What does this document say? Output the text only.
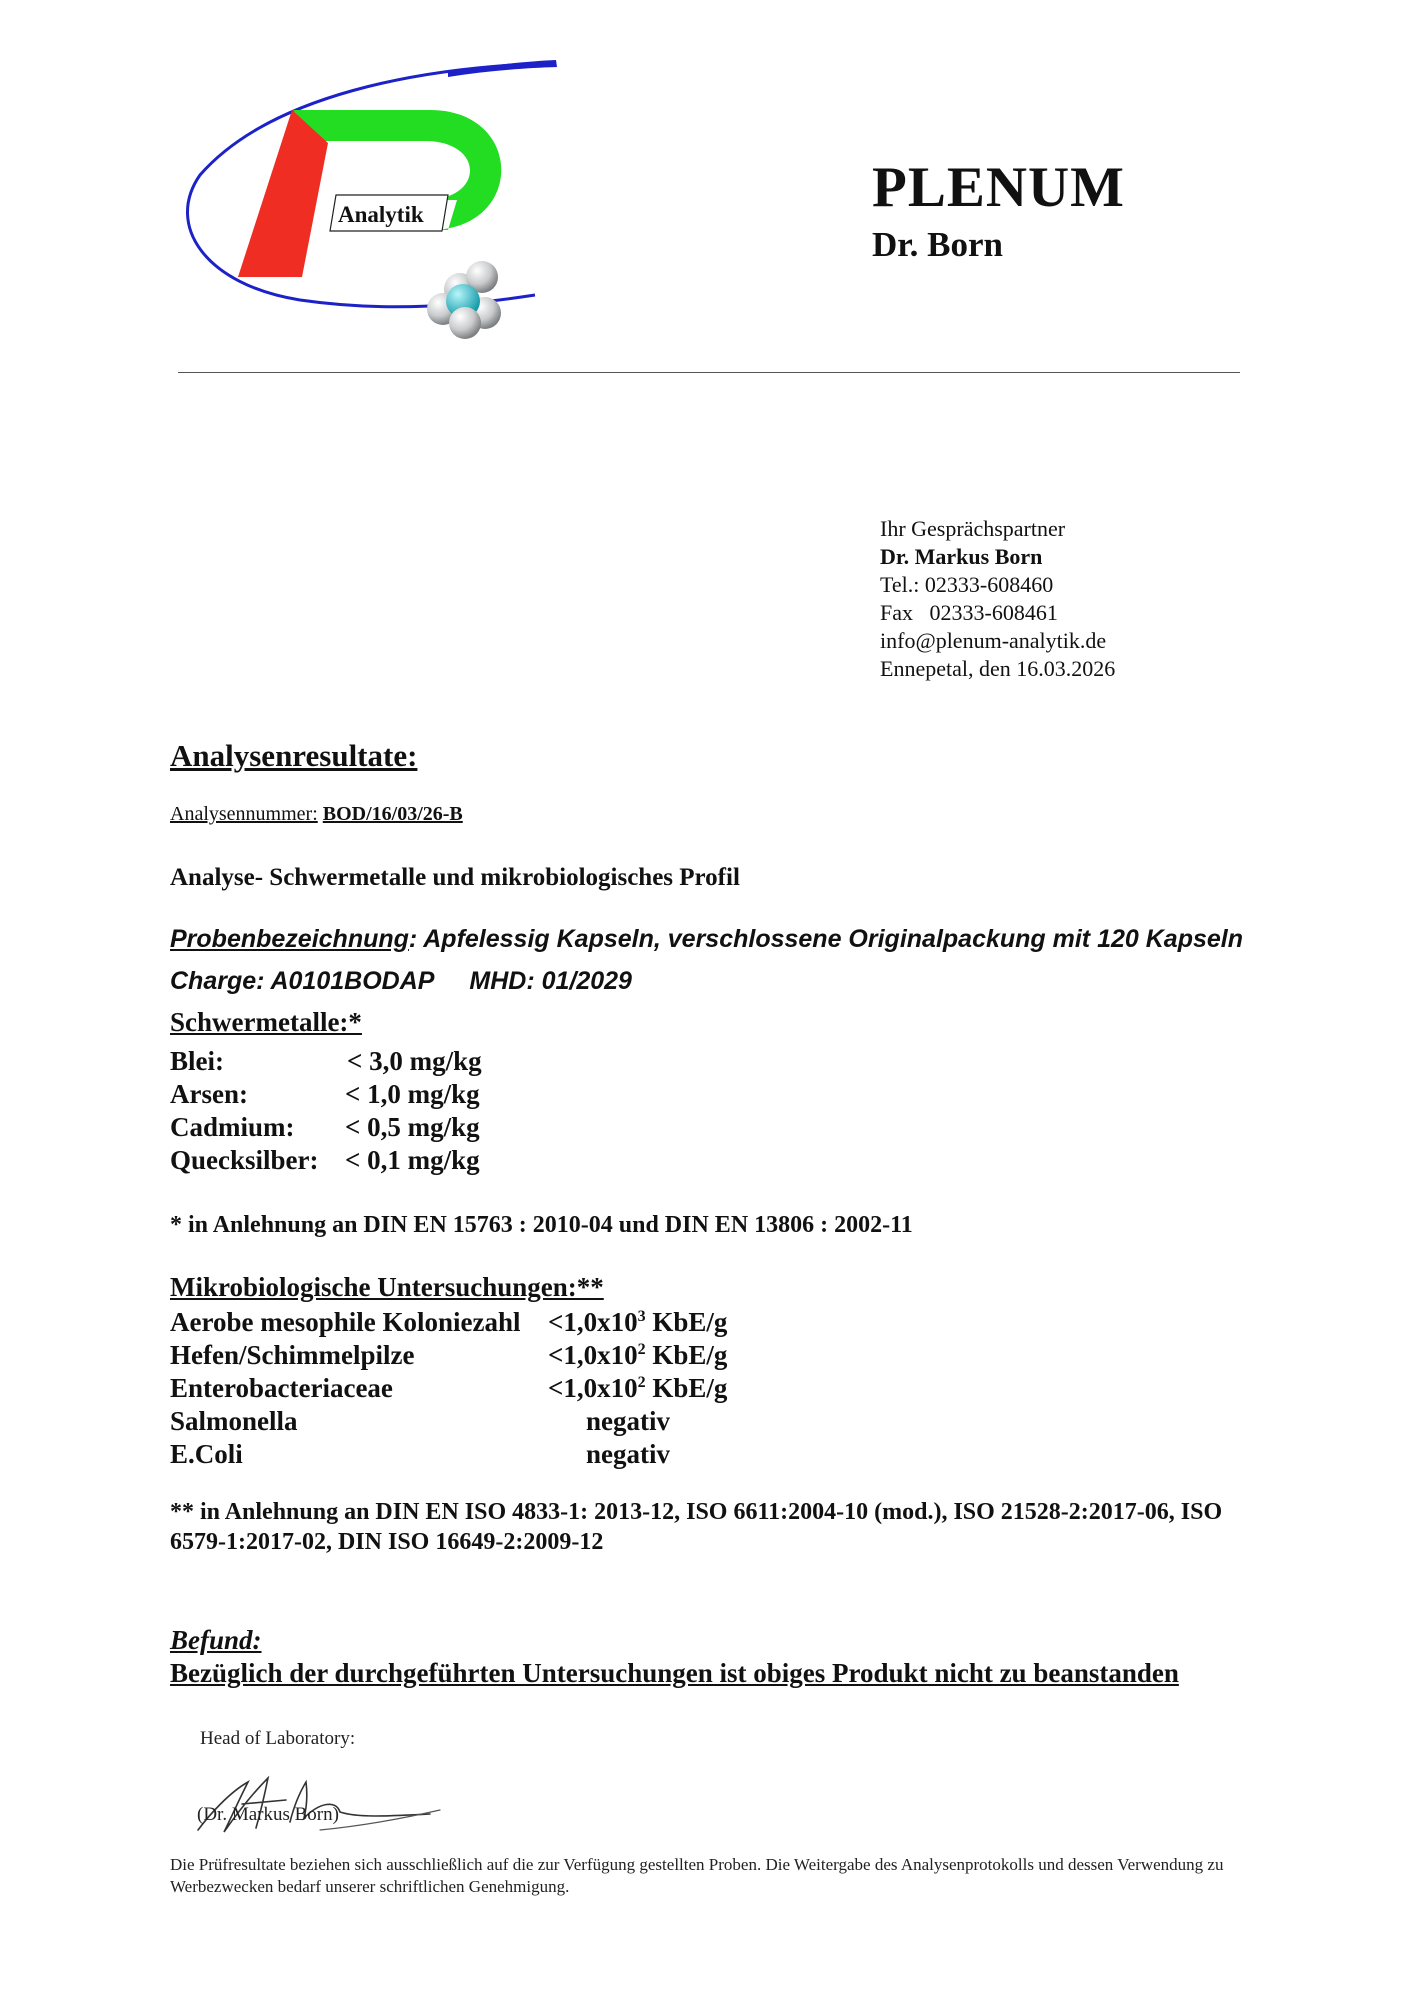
Analytik	PLENUM
Dr. Born
Ihr Gesprächspartner
Dr. Markus Born
Tel.: 02333-608460
Fax   02333-608461
info@plenum-analytik.de
Ennepetal, den 16.03.2026
Analysenresultate:
Analysennummer: BOD/16/03/26-B
Analyse- Schwermetalle und mikrobiologisches Profil
Probenbezeichnung: Apfelessig Kapseln, verschlossene Originalpackung mit 120 Kapseln
Charge: A0101BODAP MHD: 01/2029
Schwermetalle:*
Blei:	< 3,0 mg/kg
Arsen:	< 1,0 mg/kg
Cadmium:	< 0,5 mg/kg
Quecksilber:	< 0,1 mg/kg
* in Anlehnung an DIN EN 15763 : 2010-04 und DIN EN 13806 : 2002-11
Mikrobiologische Untersuchungen:**
Aerobe mesophile Koloniezahl	$<1,0x10^3$ KbE/g
Hefen/Schimmelpilze	$<1,0x10^2$ KbE/g
Enterobacteriaceae	$<1,0x10^2$ KbE/g
Salmonella	negativ
E.Coli	negativ
** in Anlehnung an DIN EN ISO 4833-1: 2013-12, ISO 6611:2004-10 (mod.), ISO 21528-2:2017-06, ISO 6579-1:2017-02, DIN ISO 16649-2:2009-12
Befund:
Bezüglich der durchgeführten Untersuchungen ist obiges Produkt nicht zu beanstanden
Head of Laboratory:
(Dr. Markus Born)
Die Prüfresultate beziehen sich ausschließlich auf die zur Verfügung gestellten Proben. Die Weitergabe des Analysenprotokolls und dessen Verwendung zu Werbezwecken bedarf unserer schriftlichen Genehmigung.
